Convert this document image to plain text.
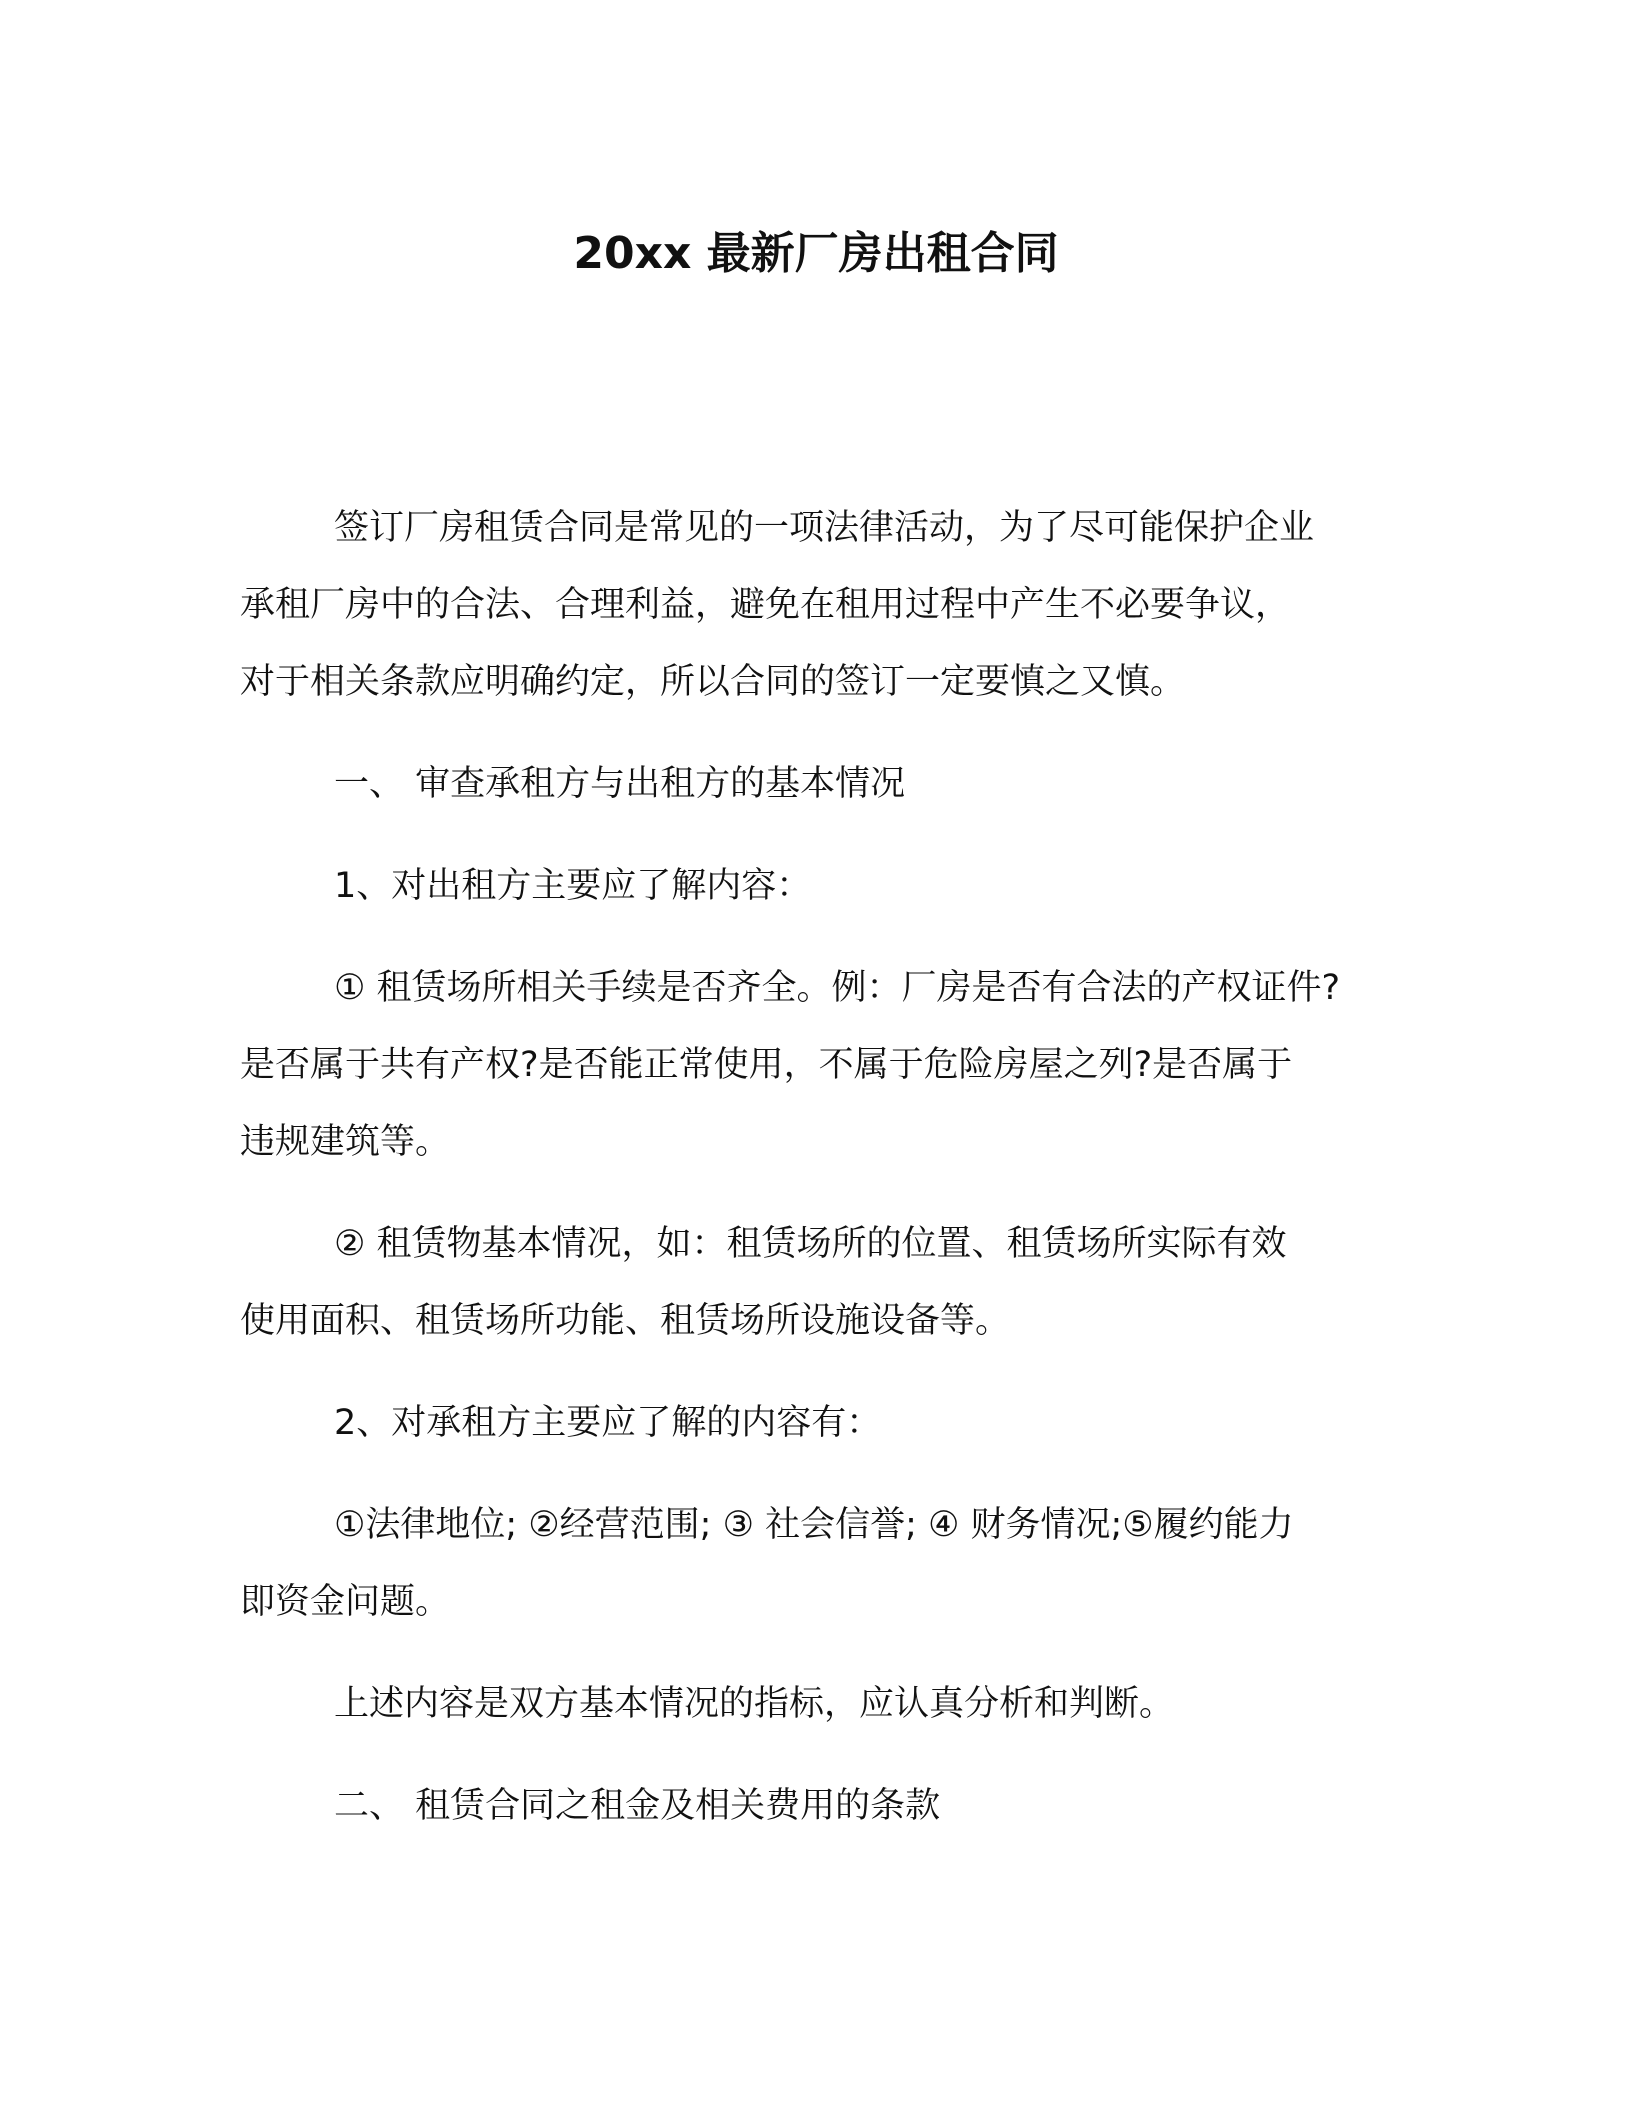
20xx 最新厂房出租合同
签订厂房租赁合同是常见的一项法律活动，为了尽可能保护企业
承租厂房中的合法、合理利益，避免在租用过程中产生不必要争议，
对于相关条款应明确约定，所以合同的签订一定要慎之又慎。
一、 审查承租方与出租方的基本情况
1、对出租方主要应了解内容：
① 租赁场所相关手续是否齐全。例：厂房是否有合法的产权证件?
是否属于共有产权?是否能正常使用，不属于危险房屋之列?是否属于
违规建筑等。
② 租赁物基本情况，如：租赁场所的位置、租赁场所实际有效
使用面积、租赁场所功能、租赁场所设施设备等。
2、对承租方主要应了解的内容有：
①法律地位; ②经营范围; ③ 社会信誉; ④ 财务情况;⑤履约能力
即资金问题。
上述内容是双方基本情况的指标，应认真分析和判断。
二、 租赁合同之租金及相关费用的条款
